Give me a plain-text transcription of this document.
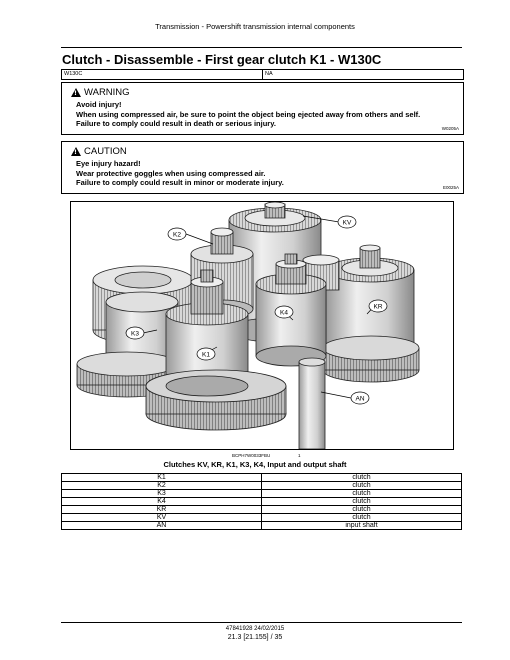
Transmission - Powershift transmission internal components
Clutch - Disassemble - First gear clutch K1 - W130C
W130C	NA
!
WARNING
Avoid injury!
When using compressed air, be sure to point the object being ejected away from others and self.
Failure to comply could result in death or serious injury.
W0205A
!
CAUTION
Eye injury hazard!
Wear protective goggles when using compressed air.
Failure to comply could result in minor or moderate injury.
E0025A
KV
K2
KR
K4
K3
K1
AN
BCPH7W0033FBU	1
Clutches KV, KR, K1, K3, K4, Input and output shaft
K1	clutch
K2	clutch
K3	clutch
K4	clutch
KR	clutch
KV	clutch
AN	input shaft
47841928 24/02/2015
21.3 [21.155] / 35
